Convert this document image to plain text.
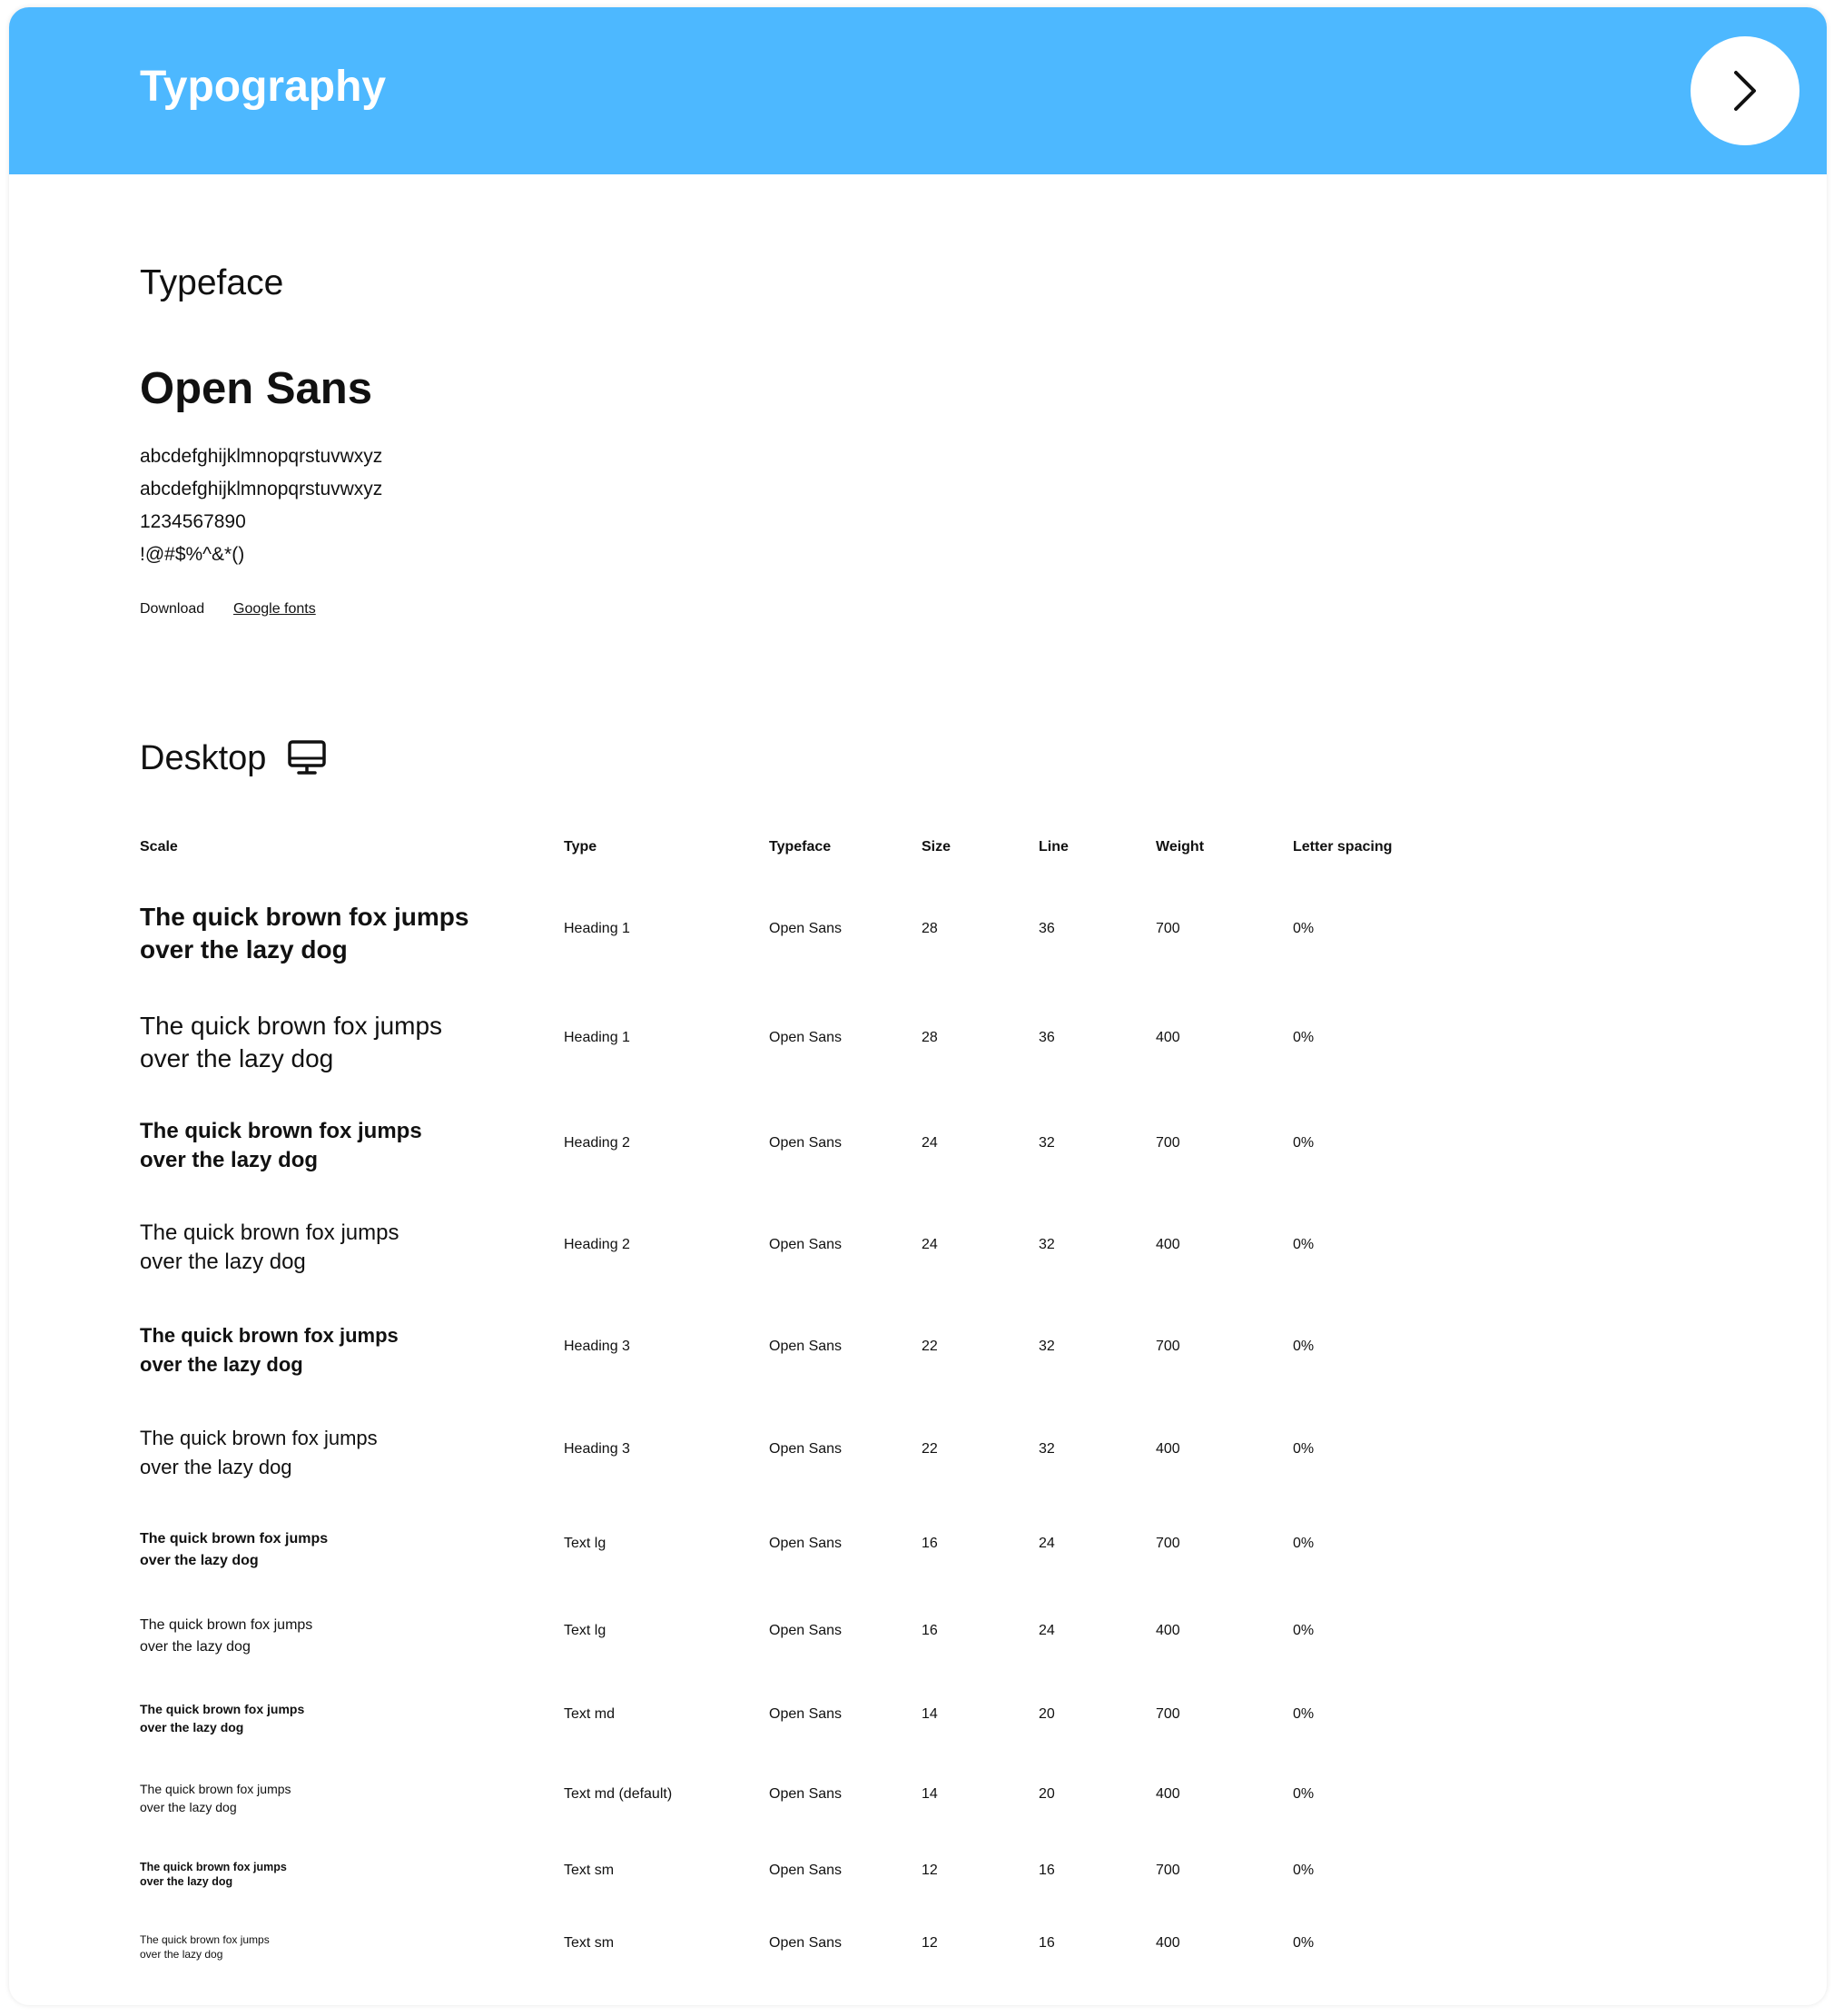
Typography
Typeface
Open Sans
abcdefghijklmnopqrstuvwxyz
abcdefghijklmnopqrstuvwxyz
1234567890
!@#$%^&*()
Download Google fonts
Desktop
Scale	Type	Typeface	Size	Line	Weight	Letter spacing
The quick brown fox jumps
over the lazy dog
Heading 1	Open Sans	28	36	700	0%
The quick brown fox jumps
over the lazy dog
Heading 1	Open Sans	28	36	400	0%
The quick brown fox jumps
over the lazy dog
Heading 2	Open Sans	24	32	700	0%
The quick brown fox jumps
over the lazy dog
Heading 2	Open Sans	24	32	400	0%
The quick brown fox jumps
over the lazy dog
Heading 3	Open Sans	22	32	700	0%
The quick brown fox jumps
over the lazy dog
Heading 3	Open Sans	22	32	400	0%
The quick brown fox jumps
over the lazy dog
Text lg	Open Sans	16	24	700	0%
The quick brown fox jumps
over the lazy dog
Text lg	Open Sans	16	24	400	0%
The quick brown fox jumps
over the lazy dog
Text md	Open Sans	14	20	700	0%
The quick brown fox jumps
over the lazy dog
Text md (default)	Open Sans	14	20	400	0%
The quick brown fox jumps
over the lazy dog
Text sm	Open Sans	12	16	700	0%
The quick brown fox jumps
over the lazy dog
Text sm	Open Sans	12	16	400	0%
